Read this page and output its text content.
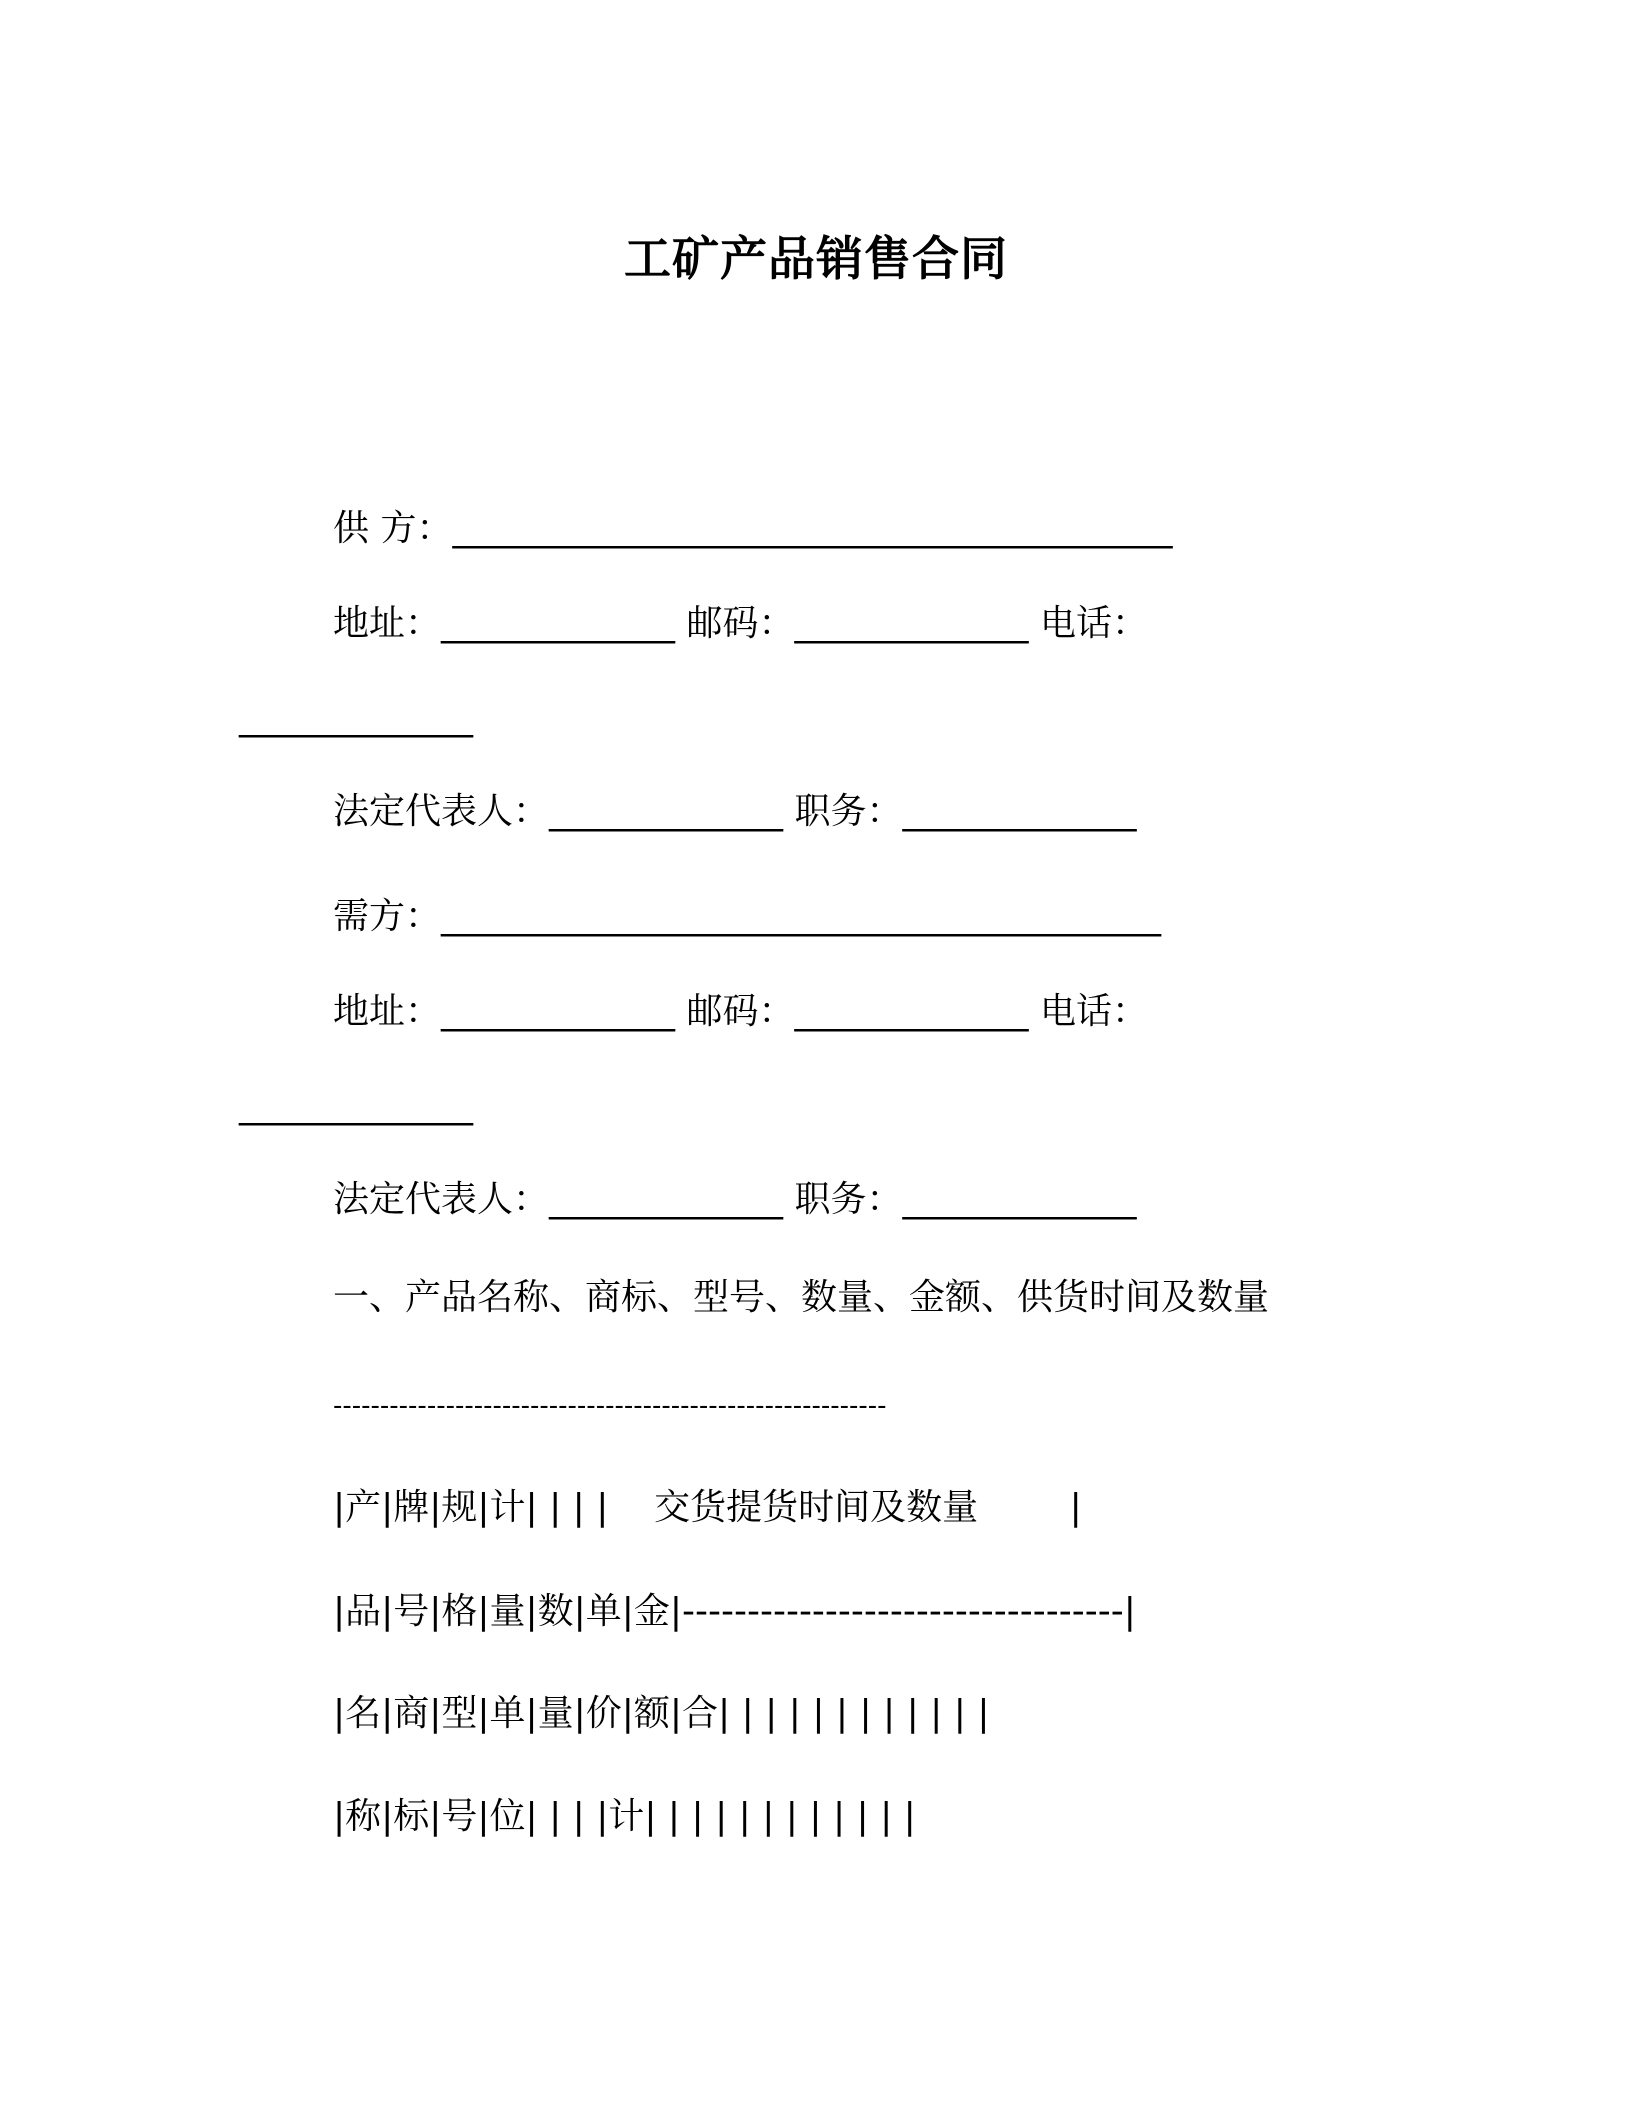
工矿产品销售合同

供 方：________________________________________

地址：_____________ 邮码：_____________ 电话：

_____________

法定代表人：_____________ 职务：_____________

需方：________________________________________

地址：_____________ 邮码：_____________ 电话：

_____________

法定代表人：_____________ 职务：_____________

一、产品名称、商标、型号、数量、金额、供货时间及数量

-----------------------------------------------------------

|产|牌|规|计| | | |    交货提货时间及数量        |

|品|号|格|量|数|单|金|----------------------------------|

|名|商|型|单|量|价|额|合| | | | | | | | | | | |

|称|标|号|位| | | |计| | | | | | | | | | | |
